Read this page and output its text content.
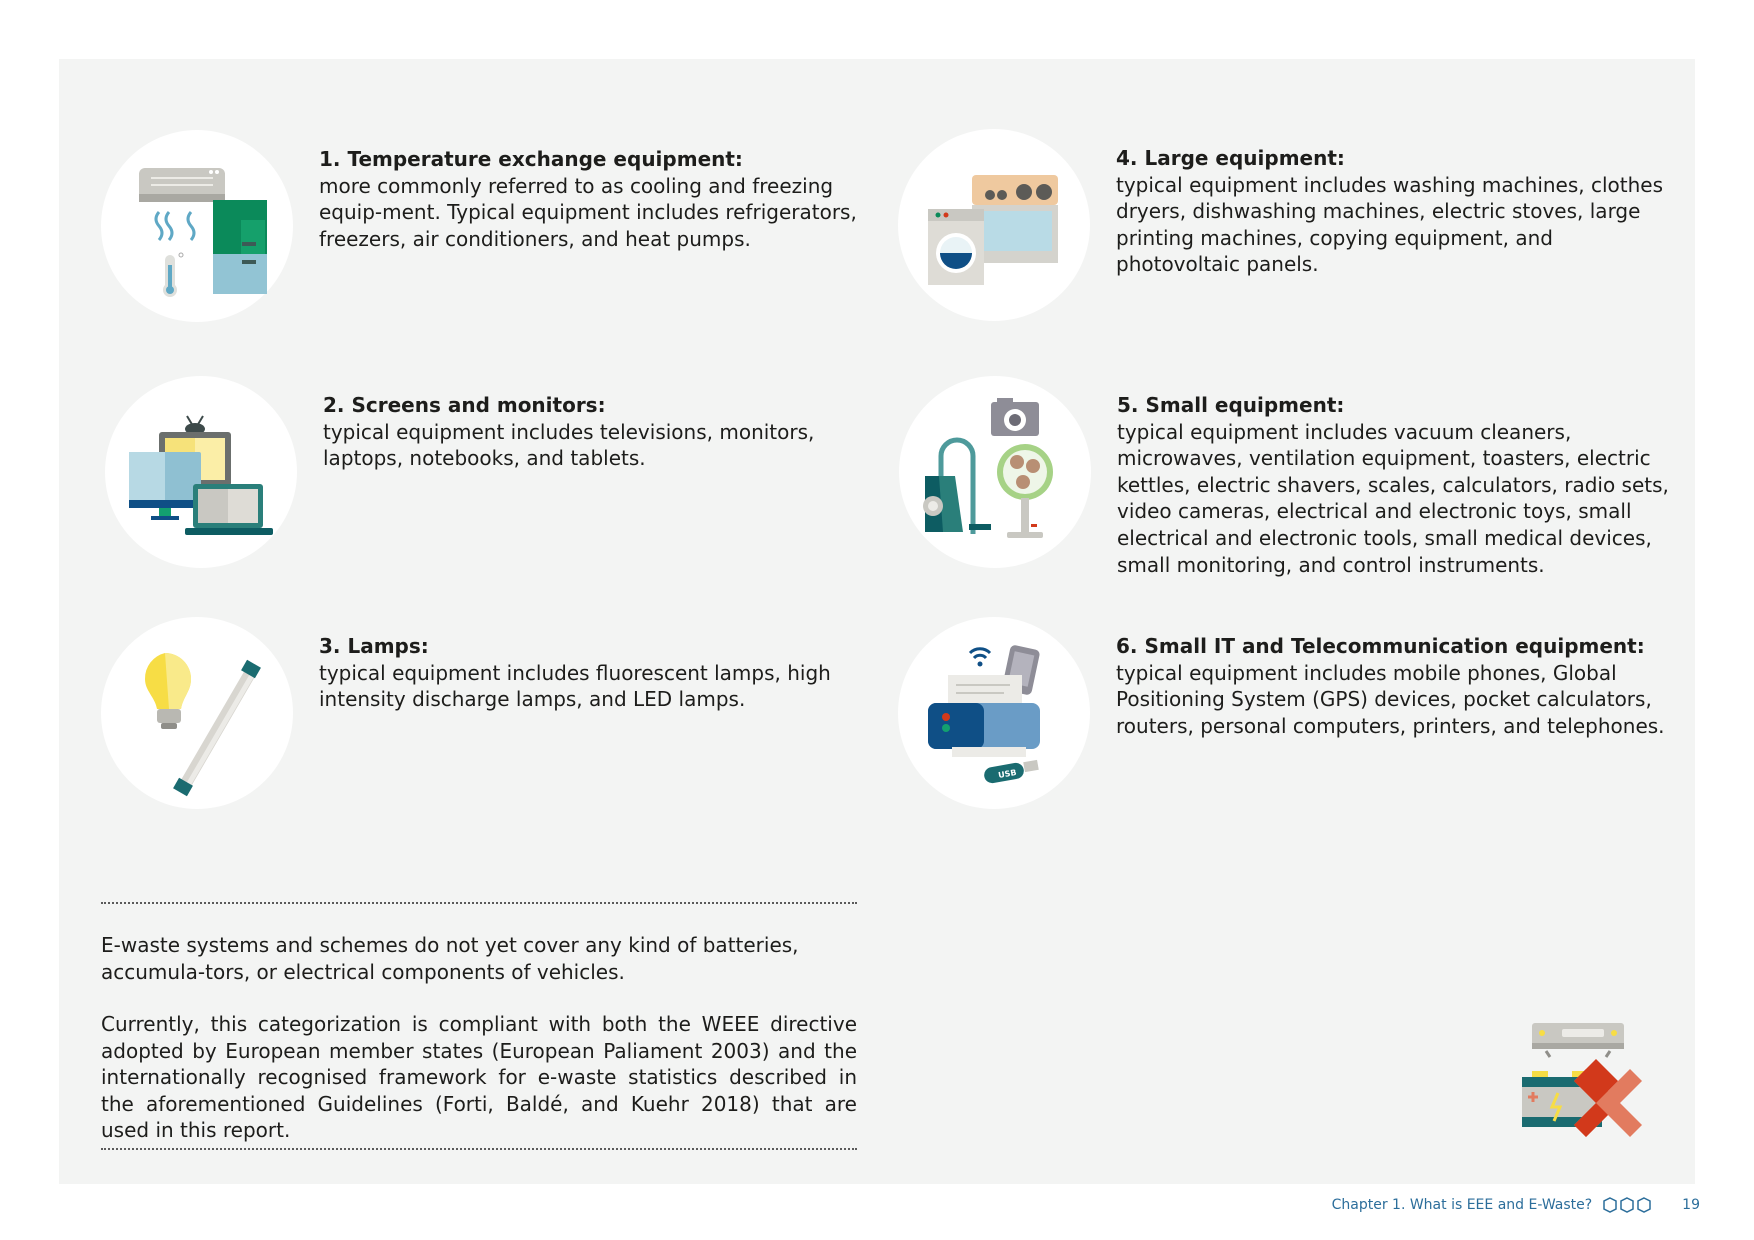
1. Temperature exchange equipment:
more commonly referred to as cooling and freezing equip-ment. Typical equipment includes refrigerators, freezers, air conditioners, and heat pumps.
2. Screens and monitors:
typical equipment includes televisions, monitors, laptops, notebooks, and tablets.
3. Lamps:
typical equipment includes fluorescent lamps, high intensity discharge lamps, and LED lamps.
4. Large equipment:
typical equipment includes washing machines, clothes dryers, dishwashing machines, electric stoves, large printing machines, copying equipment, and photovoltaic panels.
5. Small equipment:
typical equipment includes vacuum cleaners, microwaves, ventilation equipment, toasters, electric kettles, electric shavers, scales, calculators, radio sets, video cameras, electrical and electronic toys, small electrical and electronic tools, small medical devices, small monitoring, and control instruments.
USB
6. Small IT and Telecommunication equipment:
typical equipment includes mobile phones, Global Positioning System (GPS) devices, pocket calculators, routers, personal computers, printers, and telephones.

E-waste systems and schemes do not yet cover any kind of batteries, accumula-tors, or electrical components of vehicles.

Currently, this categorization is compliant with both the WEEE directive adopted by European member states (European Paliament 2003) and the internationally recognised framework for e-waste statistics described in the aforementioned Guidelines (Forti, Baldé, and Kuehr 2018) that are used in this report.

Chapter 1. What is EEE and E-Waste?	19
